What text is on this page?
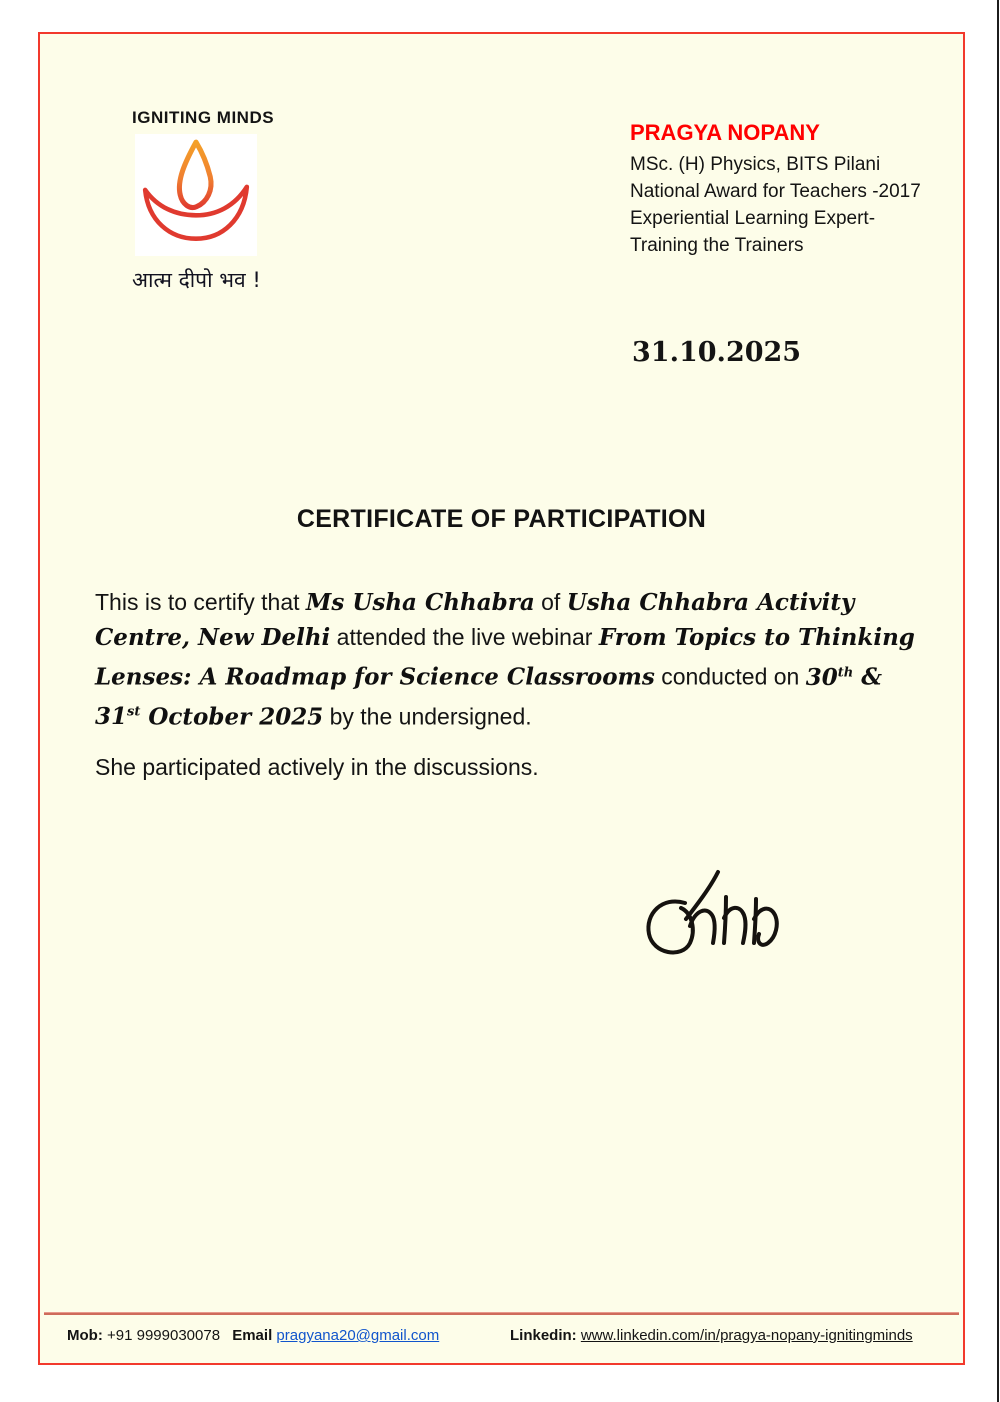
IGNITING MINDS
आत्म दीपो भव !
PRAGYA NOPANY
MSc. (H) Physics, BITS Pilani
National Award for Teachers -2017
Experiential Learning Expert-
Training the Trainers
31.10.2025
CERTIFICATE OF PARTICIPATION

This is to certify that Ms Usha Chhabra of Usha Chhabra Activity Centre, New Delhi attended the live webinar From Topics to Thinking Lenses: A Roadmap for Science Classrooms conducted on 30th & 31st October 2025 by the undersigned.

She participated actively in the discussions.

Mob: +91 9999030078 Email pragyana20@gmail.com	Linkedin: www.linkedin.com/in/pragya-nopany-ignitingminds
